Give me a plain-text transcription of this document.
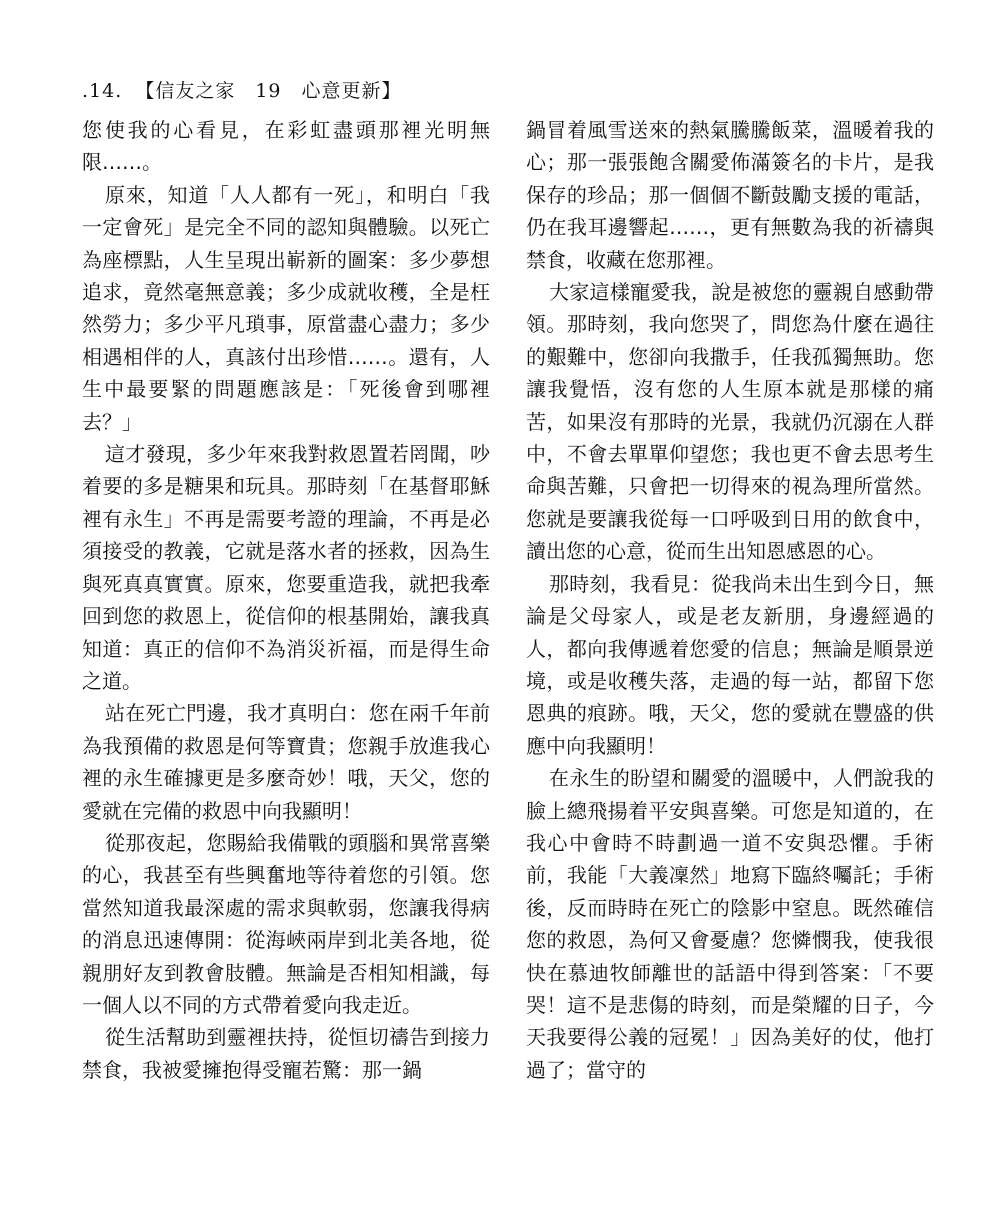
.14. 【信友之家　19　心意更新】

您使我的心看見，在彩虹盡頭那裡光明無限……。

原來，知道「人人都有一死」，和明白「我一定會死」是完全不同的認知與體驗。以死亡為座標點，人生呈現出嶄新的圖案：多少夢想追求，竟然毫無意義；多少成就收穫，全是枉然勞力；多少平凡瑣事，原當盡心盡力；多少相遇相伴的人，真該付出珍惜……。還有，人生中最要緊的問題應該是：「死後會到哪裡去？」

這才發現，多少年來我對救恩置若罔聞，吵着要的多是糖果和玩具。那時刻「在基督耶穌裡有永生」不再是需要考證的理論，不再是必須接受的教義，它就是落水者的拯救，因為生與死真真實實。原來，您要重造我，就把我牽回到您的救恩上，從信仰的根基開始，讓我真知道：真正的信仰不為消災祈福，而是得生命之道。

站在死亡門邊，我才真明白：您在兩千年前為我預備的救恩是何等寶貴；您親手放進我心裡的永生確據更是多麼奇妙！哦，天父，您的愛就在完備的救恩中向我顯明！

從那夜起，您賜給我備戰的頭腦和異常喜樂的心，我甚至有些興奮地等待着您的引領。您當然知道我最深處的需求與軟弱，您讓我得病的消息迅速傳開：從海峽兩岸到北美各地，從親朋好友到教會肢體。無論是否相知相識，每一個人以不同的方式帶着愛向我走近。

從生活幫助到靈裡扶持，從恒切禱告到接力禁食，我被愛擁抱得受寵若驚：那一鍋

鍋冒着風雪送來的熱氣騰騰飯菜，溫暖着我的心；那一張張飽含關愛佈滿簽名的卡片，是我保存的珍品；那一個個不斷鼓勵支援的電話，仍在我耳邊響起……，更有無數為我的祈禱與禁食，收藏在您那裡。

大家這樣寵愛我，說是被您的靈親自感動帶領。那時刻，我向您哭了，問您為什麼在過往的艱難中，您卻向我撒手，任我孤獨無助。您讓我覺悟，沒有您的人生原本就是那樣的痛苦，如果沒有那時的光景，我就仍沉溺在人群中，不會去單單仰望您；我也更不會去思考生命與苦難，只會把一切得來的視為理所當然。您就是要讓我從每一口呼吸到日用的飲食中，讀出您的心意，從而生出知恩感恩的心。

那時刻，我看見：從我尚未出生到今日，無論是父母家人，或是老友新朋，身邊經過的人，都向我傳遞着您愛的信息；無論是順景逆境，或是收穫失落，走過的每一站，都留下您恩典的痕跡。哦，天父，您的愛就在豐盛的供應中向我顯明！

在永生的盼望和關愛的溫暖中，人們說我的臉上總飛揚着平安與喜樂。可您是知道的，在我心中會時不時劃過一道不安與恐懼。手術前，我能「大義凜然」地寫下臨終囑託；手術後，反而時時在死亡的陰影中窒息。既然確信您的救恩，為何又會憂慮？您憐憫我，使我很快在慕迪牧師離世的話語中得到答案：「不要哭！這不是悲傷的時刻，而是榮耀的日子，今天我要得公義的冠冕！」因為美好的仗，他打過了；當守的
